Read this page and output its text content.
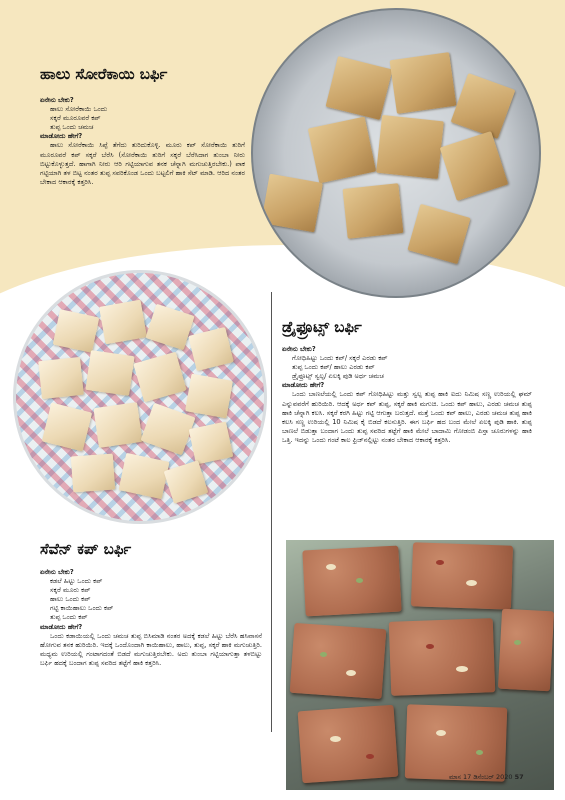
ಹಾಲು ಸೋರೆಕಾಯಿ ಬರ್ಫಿ
ಏನೇನು ಬೇಕು?
ಹಾಲು ಸೋರೆಕಾಯಿ ಒಂದು
ಸಕ್ಕರೆ ಮೂರೂವರೆ ಕಪ್
ತುಪ್ಪ ಒಂದು ಚಮಚ
ಮಾಡೋದು ಹೇಗೆ?

ಹಾಲು ಸೋರೆಕಾಯಿ ಸಿಪ್ಪೆ ತೆಗೆದು ತುರಿದುಕೊಳ್ಳಿ. ಮೂರು ಕಪ್ ಸೋರೆಕಾಯಿ ತುರಿಗೆ ಮೂರೂವರೆ ಕಪ್ ಸಕ್ಕರೆ ಬೆರೆಸಿ (ಸೋರೆಕಾಯಿ ತುರಿಗೆ ಸಕ್ಕರೆ ಬೆರೆಸಿದಾಗ ತುಂಬಾ ನೀರು ಬಿಟ್ಟುಕೊಳ್ಳುತ್ತದೆ. ಹಾಗಾಗಿ ನೀರು ಆರಿ ಗಟ್ಟಿಯಾಗುವ ತನಕ ಚೆನ್ನಾಗಿ ಮಗುಚುತ್ತಿರಬೇಕು.) ಪಾಕ ಗಟ್ಟಿಯಾಗಿ ತಳ ಬಿಟ್ಟ ನಂತರ ತುಪ್ಪ ಸವರಿಕೊಂಡ ಒಂದು ಬಟ್ಟಲಿಗೆ ಹಾಕಿ ಸೆಟ್ ಮಾಡಿ. ಆರಿದ ನಂತರ ಬೇಕಾದ ಆಕಾರಕ್ಕೆ ಕತ್ತರಿಸಿ.

ಡ್ರೈಫ್ರೂಟ್ಸ್ ಬರ್ಫಿ
ಏನೇನು ಬೇಕು?
ಗೋಧಿಹಿಟ್ಟು ಒಂದು ಕಪ್/ ಸಕ್ಕರೆ ಎರಡು ಕಪ್
ತುಪ್ಪ ಒಂದು ಕಪ್/ ಹಾಲು ಎರಡು ಕಪ್
ಡ್ರೈಫ್ರೂಟ್ಸ್ ಸ್ವಲ್ಪ/ ಏಲಕ್ಕಿ ಪುಡಿ ಅರ್ಧ ಚಮಚ
ಮಾಡೋದು ಹೇಗೆ?

ಒಂದು ಬಾಣಲೆಯಲ್ಲಿ ಒಂದು ಕಪ್ ಗೋಧಿಹಿಟ್ಟು ಮತ್ತು ಸ್ವಲ್ಪ ತುಪ್ಪ ಹಾಕಿ ಐದು ನಿಮಿಷ ಸಣ್ಣ ಉರಿಯಲ್ಲಿ ಘಮ್ ಎನ್ನುವವರೆಗೆ ಹುರಿಯಿರಿ. ಆದಕ್ಕೆ ಅರ್ಧ ಕಪ್ ತುಪ್ಪ, ಸಕ್ಕರೆ ಹಾಕಿ ಮಗುಚಿ. ಒಂದು ಕಪ್ ಹಾಲು, ಎರಡು ಚಮಚ ತುಪ್ಪ ಹಾಕಿ ಚೆನ್ನಾಗಿ ಕಲಸಿ. ಸಕ್ಕರೆ ಕರಗಿ ಹಿಟ್ಟು ಗಟ್ಟಿ ಆಗುತ್ತಾ ಬರುತ್ತದೆ. ಮತ್ತೆ ಒಂದು ಕಪ್ ಹಾಲು, ಎರಡು ಚಮಚ ತುಪ್ಪ ಹಾಕಿ ಕಲಸಿ ಸಣ್ಣ ಉರಿಯಲ್ಲಿ 10 ನಿಮಿಷ ಕೈ ಬಿಡದೆ ಕಲಸುತ್ತಿರಿ. ಈಗ ಬರ್ಫಿ ಹದ ಬಂದ ಮೇಲೆ ಏಲಕ್ಕಿ ಪುಡಿ ಹಾಕಿ. ತುಪ್ಪ ಬಾಣಲೆ ಬಿಡುತ್ತಾ ಬಂದಾಗ ಒಂದು ತುಪ್ಪ ಸವರಿದ ತಟ್ಟೆಗೆ ಹಾಕಿ ಮೇಲೆ ಬಾದಾಮಿ ಗೋಡಂಬಿ ಪಿಸ್ತಾ ಚೂರುಗಳನ್ನು ಹಾಕಿ ಒತ್ತಿ. ಇದನ್ನು ಒಂದು ಗಂಟೆ ಕಾಲ ಫ್ರಿಜ್‌ನಲ್ಲಿಟ್ಟು ನಂತರ ಬೇಕಾದ ಆಕಾರಕ್ಕೆ ಕತ್ತರಿಸಿ.

ಸೆವೆನ್ ಕಪ್ ಬರ್ಫಿ
ಏನೇನು ಬೇಕು?
ಕಡಲೆ ಹಿಟ್ಟು ಒಂದು ಕಪ್
ಸಕ್ಕರೆ ಮೂರು ಕಪ್
ಹಾಲು ಒಂದು ಕಪ್
ಗಟ್ಟಿ ಕಾಯಿಹಾಲು ಒಂದು ಕಪ್
ತುಪ್ಪ ಒಂದು ಕಪ್
ಮಾಡೋದು ಹೇಗೆ?

ಒಂದು ಕಡಾಯಿಯಲ್ಲಿ ಒಂದು ಚಮಚ ತುಪ್ಪ ಬಿಸಿಮಾಡಿ ನಂತರ ಅದಕ್ಕೆ ಕಡಲೆ ಹಿಟ್ಟು ಬೆರೆಸಿ ಹಸಿವಾಸನೆ ಹೋಗುವ ತನಕ ಹುರಿಯಿರಿ. ಇದಕ್ಕೆ ಒಂದೊಂದಾಗಿ ಕಾಯಿಹಾಲು, ಹಾಲು, ತುಪ್ಪ, ಸಕ್ಕರೆ ಹಾಕಿ ಮಗುಚುತ್ತಿರಿ. ಮಧ್ಯಮ ಉರಿಯಲ್ಲಿ ಗಂಟಾಗದಂತೆ ಬಿಡದೆ ಮಗುಚುತ್ತಿರಬೇಕು. ಅದು ತುಂಬಾ ಗಟ್ಟಿಯಾಗುತ್ತಾ ತಳಬಿಟ್ಟು ಬರ್ಫಿ ಹದಕ್ಕೆ ಬಂದಾಗ ತುಪ್ಪ ಸವರಿದ ತಟ್ಟೆಗೆ ಹಾಕಿ ಕತ್ತರಿಸಿ.

ಮಾಸ 17 ಡಿಸೆಂಬರ್ 2020 57
